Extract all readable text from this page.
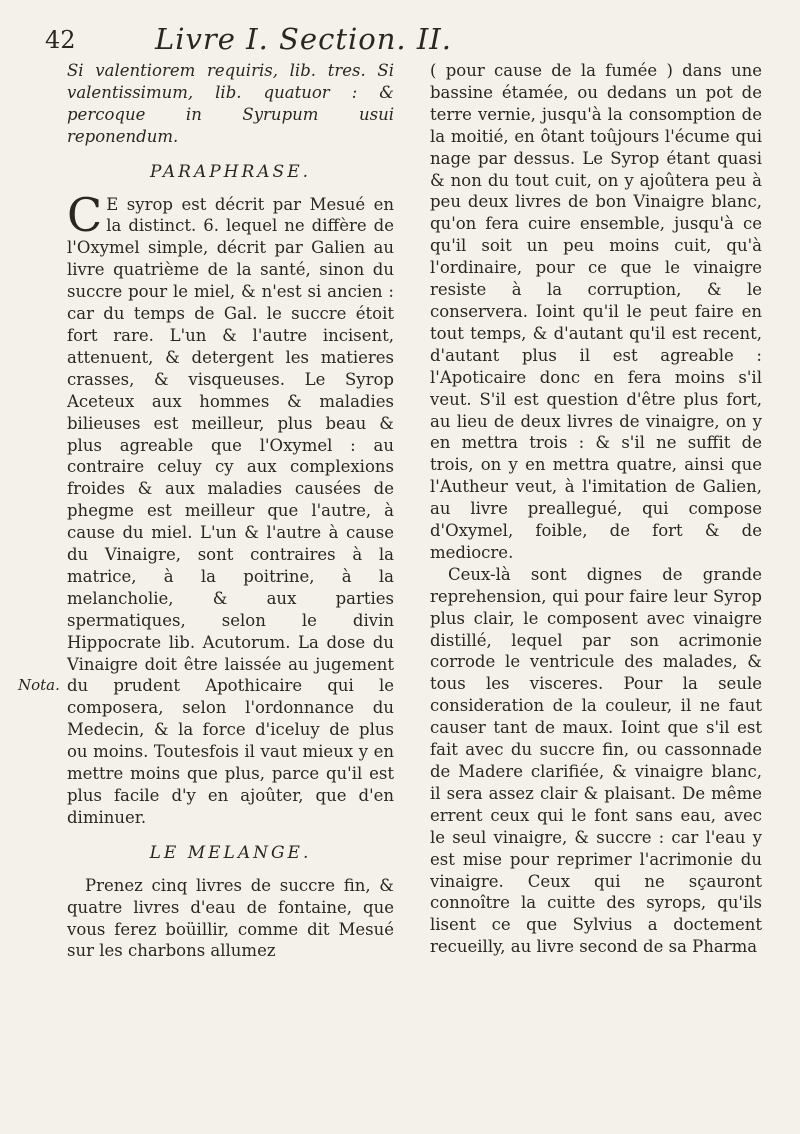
42	Livre I. Section. II.

Si valentiorem requiris, lib. tres. Si valentissimum, lib. quatuor : & percoque in Syrupum usui reponendum.

PARAPHRASE.

C E syrop est décrit par Mesué en la distinct. 6. lequel ne diffère de l'Oxymel simple, décrit par Galien au livre quatrième de la santé, sinon du succre pour le miel, & n'est si ancien : car du temps de Gal. le succre étoit fort rare. L'un & l'autre incisent, attenuent, & detergent les matieres crasses, & visqueuses. Le Syrop Aceteux aux hommes & maladies bilieuses est meilleur, plus beau & plus agreable que l'Oxymel : au contraire celuy cy aux complexions froides & aux maladies causées de phegme est meilleur que l'autre, à cause du miel. L'un & l'autre à cause du Vinaigre, sont contraires à la matrice, à la poitrine, à la melancholie, & aux parties spermatiques, selon le divin Hippocrate lib. Acutorum. La dose du Vinaigre doit être laissée au jugement du prudent Apothicaire qui le composera, selon l'ordonnance du Medecin, & la force d'iceluy de plus ou moins. Toutesfois il vaut mieux y en mettre moins que plus, parce qu'il est plus facile d'y en ajoûter, que d'en diminuer.

LE MELANGE.

Prenez cinq livres de succre fin, & quatre livres d'eau de fontaine, que vous ferez boüillir, comme dit Mesué sur les charbons allumez

( pour cause de la fumée ) dans une bassine étamée, ou dedans un pot de terre vernie, jusqu'à la consomption de la moitié, en ôtant toûjours l'écume qui nage par dessus. Le Syrop étant quasi & non du tout cuit, on y ajoûtera peu à peu deux livres de bon Vinaigre blanc, qu'on fera cuire ensemble, jusqu'à ce qu'il soit un peu moins cuit, qu'à l'ordinaire, pour ce que le vinaigre resiste à la corruption, & le conservera. Ioint qu'il le peut faire en tout temps, & d'autant qu'il est recent, d'autant plus il est agreable : l'Apoticaire donc en fera moins s'il veut. S'il est question d'être plus fort, au lieu de deux livres de vinaigre, on y en mettra trois : & s'il ne suffit de trois, on y en mettra quatre, ainsi que l'Autheur veut, à l'imitation de Galien, au livre preallegué, qui compose d'Oxymel, foible, de fort & de mediocre.

Ceux-là sont dignes de grande reprehension, qui pour faire leur Syrop plus clair, le composent avec vinaigre distillé, lequel par son acrimonie corrode le ventricule des malades, & tous les visceres. Pour la seule consideration de la couleur, il ne faut causer tant de maux. Ioint que s'il est fait avec du succre fin, ou cassonnade de Madere clarifiée, & vinaigre blanc, il sera assez clair & plaisant. De même errent ceux qui le font sans eau, avec le seul vinaigre, & succre : car l'eau y est mise pour reprimer l'acrimonie du vinaigre. Ceux qui ne sçauront connoître la cuitte des syrops, qu'ils lisent ce que Sylvius a doctement recueilly, au livre second de sa Pharma

Nota.
